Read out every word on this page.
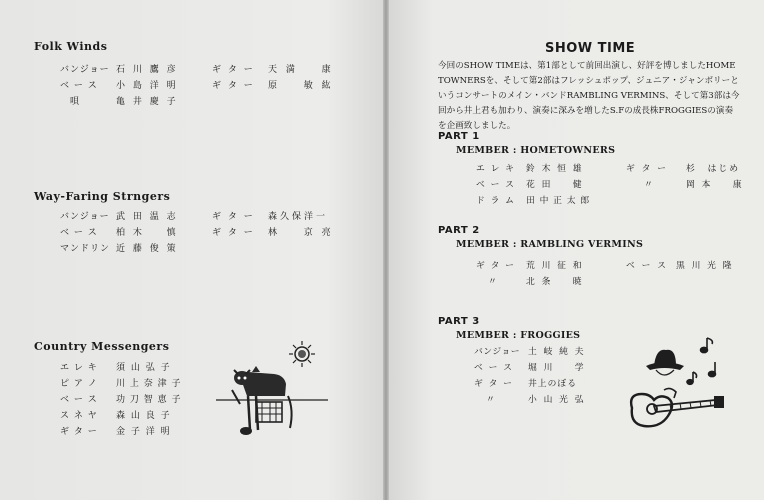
Folk Winds
バンジョー 石 川 鷹 彦	ギ タ ー	天 満 　 康
ベ ー ス	小 島 洋 明	ギ タ ー	原 　 敏 紘
唄	亀 井 慶 子
Way-Faring Strngers
バンジョー 武 田 温 志	ギ タ ー	森久保洋一
ベ ー ス	柏 木 　 慎	ギ タ ー	林 　 京 亮
マンドリン 近 藤 俊 策
Country Messengers
エ レ キ	須 山 弘 子
ピ ア ノ	川 上 奈 津 子
ベ ー ス	功 刀 智 恵 子
ス ネ ヤ	森 山 良 子
ギ タ ー	金 子 洋 明
SHOW TIME
今回のSHOW TIMEは、第1部として前回出演し、好評を博しましたHOME
TOWNERSを、そして第2部はフレッシュポップ、ジュニア・ジャンボリーと
いうコンサートのメイン・バンドRAMBLING VERMINS、そして第3部は今
回から井上君も加わり、演奏に深みを増したS.Fの成長株FROGGIESの演奏
を企画致しました。
PART 1
MEMBER : HOMETOWNERS
エ レ キ	鈴 木 恒 雄	ギ タ ー	杉　はじめ
ベ ー ス	花 田 　 健	〃	岡 本 　 康
ド ラ ム	田 中 正 太 郎
PART 2
MEMBER : RAMBLING VERMINS
ギ タ ー	荒 川 征 和	ベ ー ス 黒 川 光 隆
〃	北 条 　 暁
PART 3
MEMBER : FROGGIES
バンジョー 土 岐 純 夫
ベ ー ス	堀 川 　 学
ギ タ ー	井上のぼる
〃	小 山 光 弘
